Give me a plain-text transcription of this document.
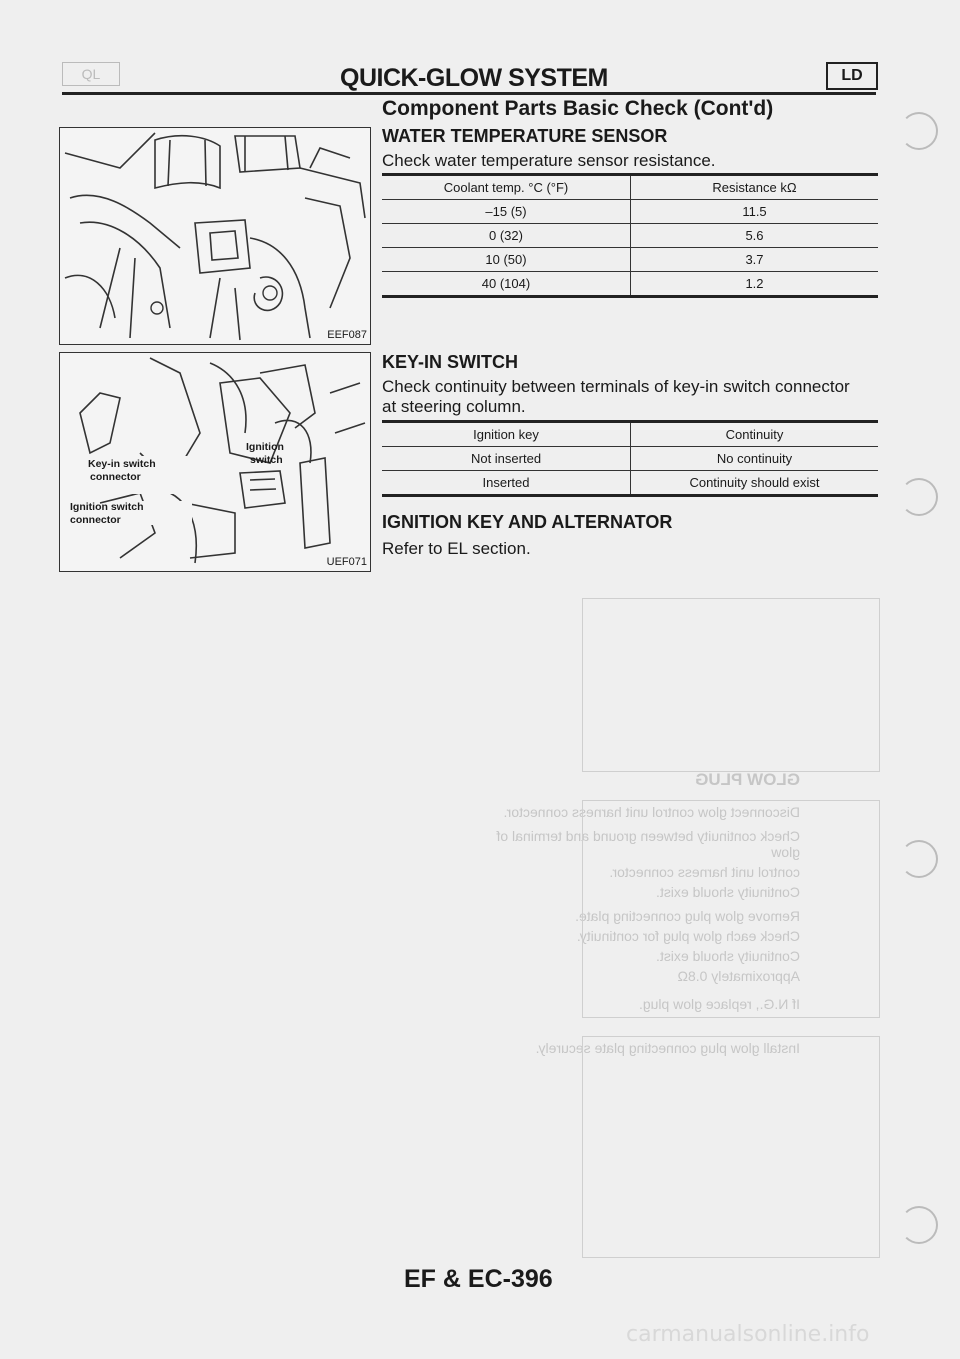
QL	QUICK-GLOW SYSTEM	LD
GLOW PLUG
Disconnect glow control unit harness connector.
Check continuity between ground and terminal of glow
control unit harness connector.
Continuity should exist.
Remove glow plug connecting plate.
Check each glow plug for continuity.
Continuity should exist.
Approximately 0.8Ω
If N.G., replace glow plug.
Install glow plug connecting plate securely.
Component Parts Basic Check (Cont'd)
EEF087
Key-in switch
connector
Ignition
switch
Ignition switch
connector
UEF071
WATER TEMPERATURE SENSOR
Check water temperature sensor resistance.
Coolant temp. °C (°F)	Resistance kΩ
–15 (5)	11.5
0 (32)	5.6
10 (50)	3.7
40 (104)	1.2
KEY-IN SWITCH
Check continuity between terminals of key-in switch connector
at steering column.
Ignition key	Continuity
Not inserted	No continuity
Inserted	Continuity should exist
IGNITION KEY AND ALTERNATOR
Refer to EL section.
EF & EC-396
carmanualsonline.info
